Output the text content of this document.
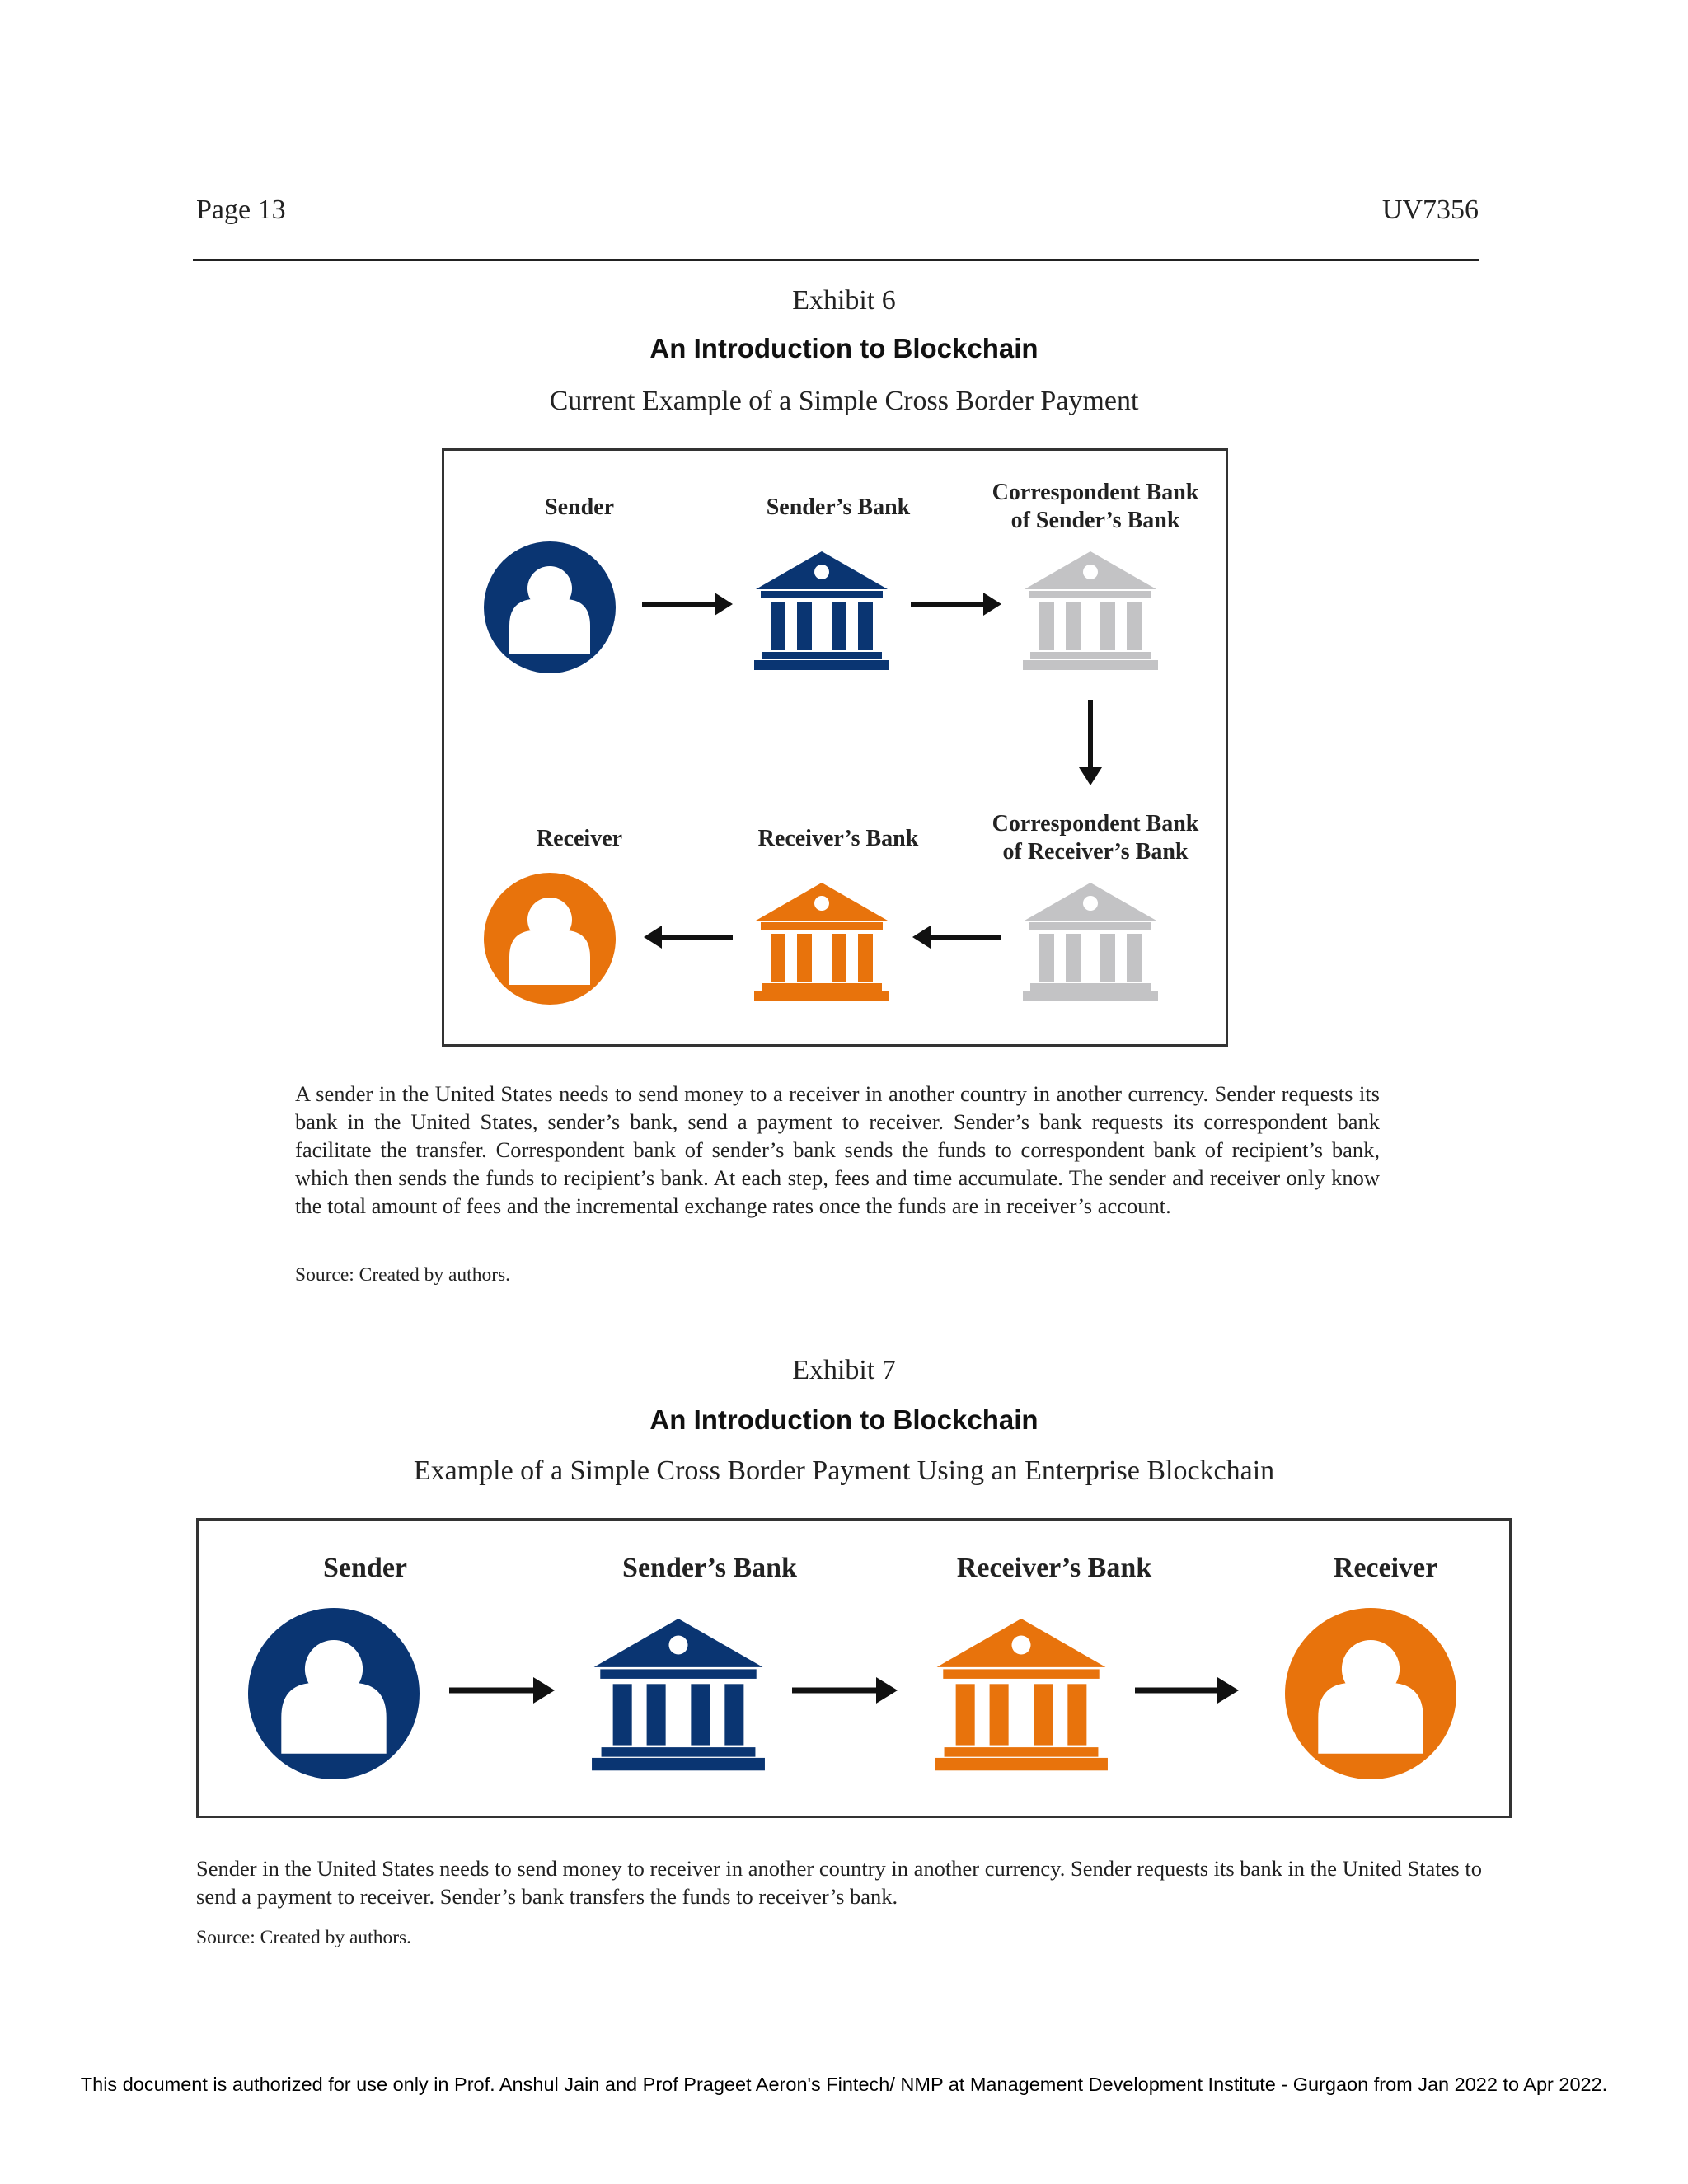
Page 13	UV7356
Exhibit 6
An Introduction to Blockchain
Current Example of a Simple Cross Border Payment
Sender	Sender’s Bank
Correspondent Bank
of Sender’s Bank
Receiver	Receiver’s Bank
Correspondent Bank
of Receiver’s Bank
A sender in the United States needs to send money to a receiver in another country in another currency. Sender requests its bank in the United States, sender’s bank, send a payment to receiver. Sender’s bank requests its correspondent bank facilitate the transfer. Correspondent bank of sender’s bank sends the funds to correspondent bank of recipient’s bank, which then sends the funds to recipient’s bank. At each step, fees and time accumulate. The sender and receiver only know the total amount of fees and the incremental exchange rates once the funds are in receiver’s account.
Source: Created by authors.
Exhibit 7
An Introduction to Blockchain
Example of a Simple Cross Border Payment Using an Enterprise Blockchain
Sender	Sender’s Bank	Receiver’s Bank	Receiver
Sender in the United States needs to send money to receiver in another country in another currency. Sender requests its bank in the United States to send a payment to receiver. Sender’s bank transfers the funds to receiver’s bank.
Source: Created by authors.
This document is authorized for use only in Prof. Anshul Jain and Prof Prageet Aeron's Fintech/ NMP at Management Development Institute - Gurgaon from Jan 2022 to Apr 2022.
